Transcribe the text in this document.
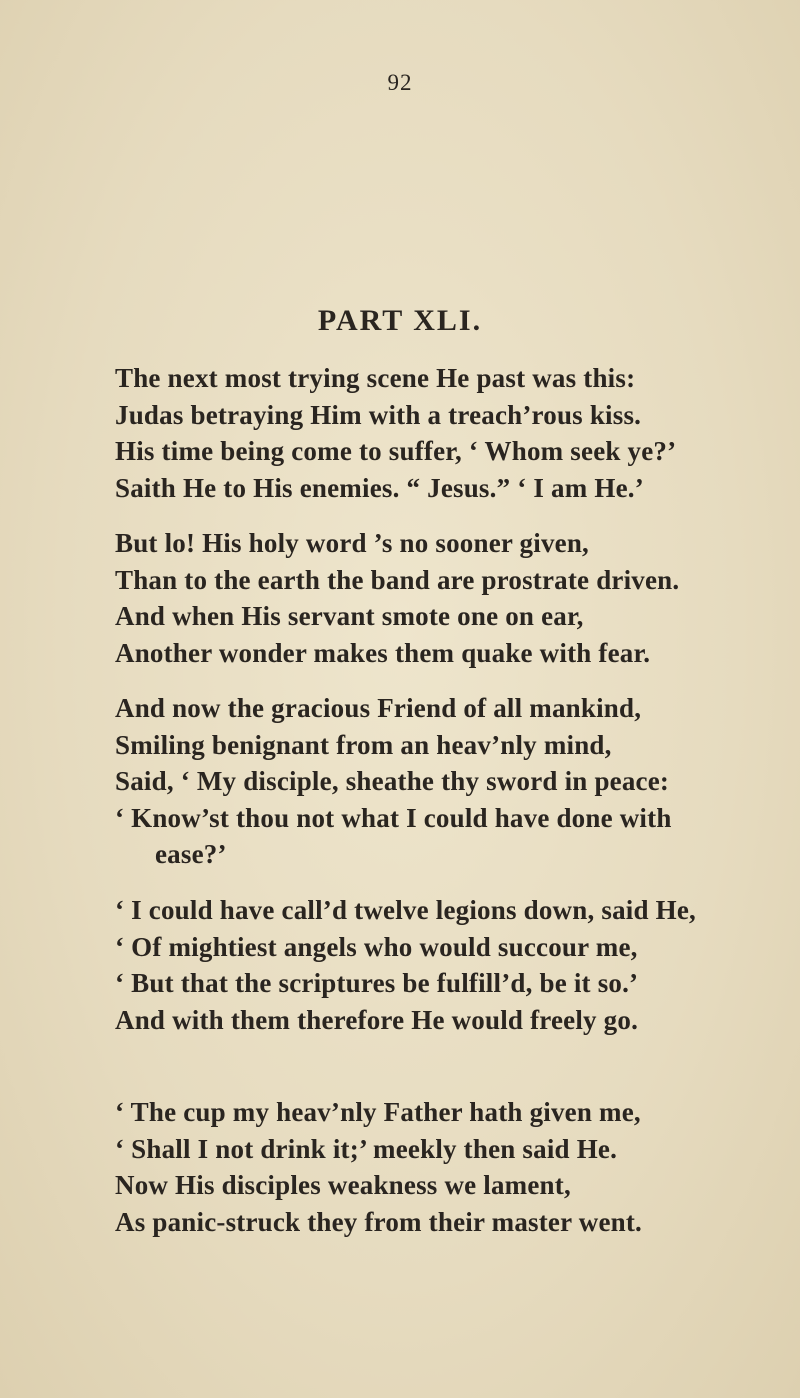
92
PART XLI.
The next most trying scene He past was this:
Judas betraying Him with a treach’rous kiss.
His time being come to suffer, ‘ Whom seek ye?’
Saith He to His enemies. “ Jesus.” ‘ I am He.’
But lo! His holy word ’s no sooner given,
Than to the earth the band are prostrate driven.
And when His servant smote one on ear,
Another wonder makes them quake with fear.
And now the gracious Friend of all mankind,
Smiling benignant from an heav’nly mind,
Said, ‘ My disciple, sheathe thy sword in peace:
‘ Know’st thou not what I could have done with
ease?’
‘ I could have call’d twelve legions down, said He,
‘ Of mightiest angels who would succour me,
‘ But that the scriptures be fulfill’d, be it so.’
And with them therefore He would freely go.
‘ The cup my heav’nly Father hath given me,
‘ Shall I not drink it;’ meekly then said He.
Now His disciples weakness we lament,
As panic-struck they from their master went.
